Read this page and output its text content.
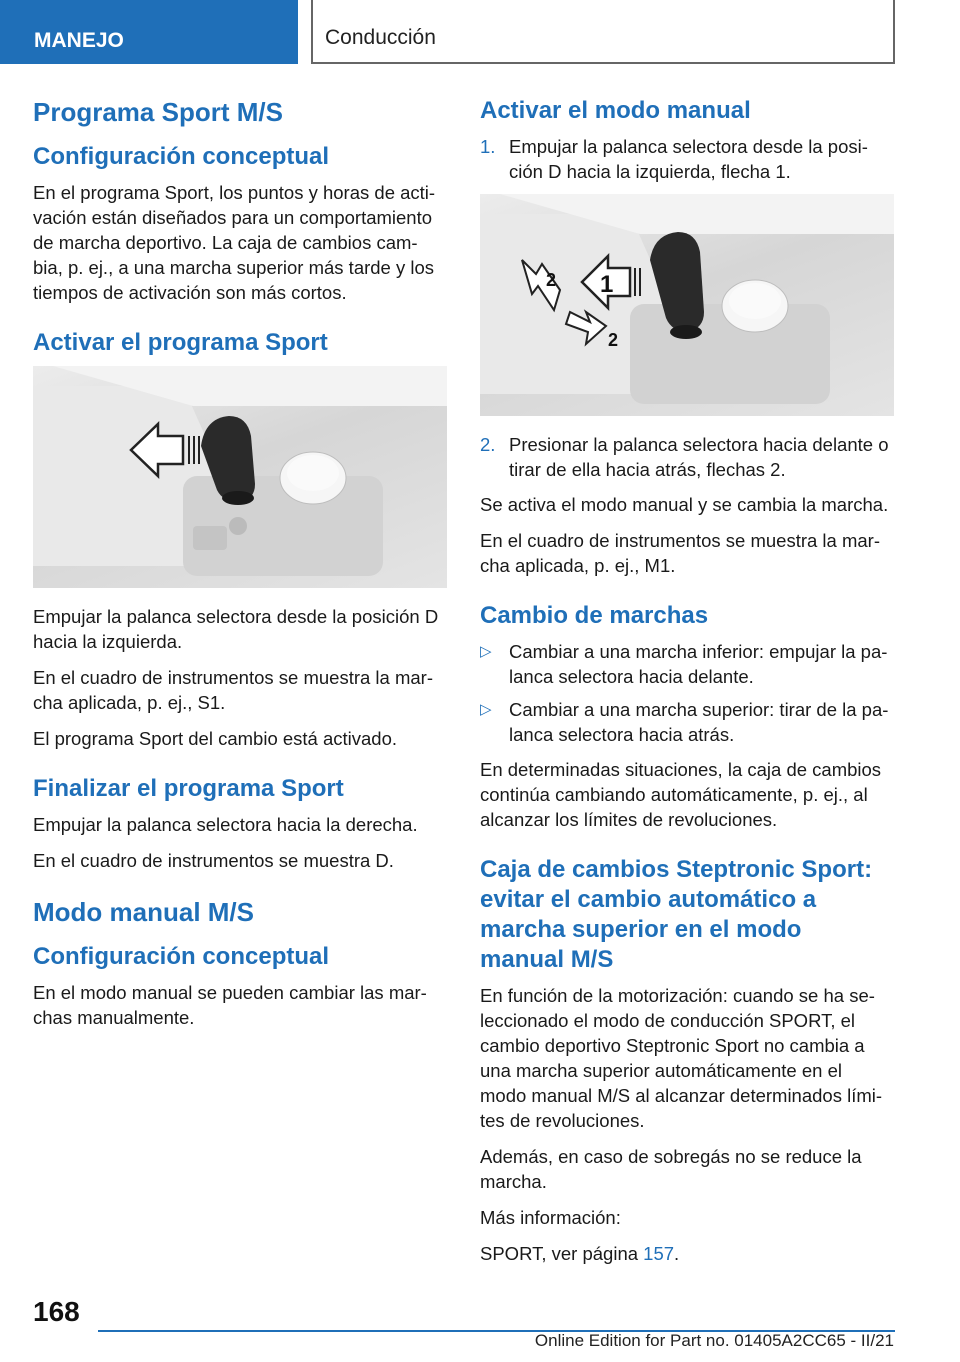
MANEJO	Conducción
Programa Sport M/S
Configuración conceptual

En el programa Sport, los puntos y horas de acti-vación están diseñados para un comportamiento de marcha deportivo. La caja de cambios cam-bia, p. ej., a una marcha superior más tarde y los tiempos de activación son más cortos.

Activar el programa Sport

Empujar la palanca selectora desde la posición D hacia la izquierda.

En el cuadro de instrumentos se muestra la mar-cha aplicada, p. ej., S1.

El programa Sport del cambio está activado.

Finalizar el programa Sport

Empujar la palanca selectora hacia la derecha.

En el cuadro de instrumentos se muestra D.

Modo manual M/S
Configuración conceptual

En el modo manual se pueden cambiar las mar-chas manualmente.

Activar el modo manual
1. Empujar la palanca selectora desde la posi-ción D hacia la izquierda, flecha 1.
1
2
2
2. Presionar la palanca selectora hacia delante o tirar de ella hacia atrás, flechas 2.

Se activa el modo manual y se cambia la marcha.

En el cuadro de instrumentos se muestra la mar-cha aplicada, p. ej., M1.

Cambio de marchas
▷ Cambiar a una marcha inferior: empujar la pa-lanca selectora hacia delante.
▷ Cambiar a una marcha superior: tirar de la pa-lanca selectora hacia atrás.

En determinadas situaciones, la caja de cambios continúa cambiando automáticamente, p. ej., al alcanzar los límites de revoluciones.

Caja de cambios Steptronic Sport: evitar el cambio automático a marcha superior en el modo manual M/S

En función de la motorización: cuando se ha se-leccionado el modo de conducción SPORT, el cambio deportivo Steptronic Sport no cambia a una marcha superior automáticamente en el modo manual M/S al alcanzar determinados lími-tes de revoluciones.

Además, en caso de sobregás no se reduce la marcha.

Más información:

SPORT, ver página 157.

168
Online Edition for Part no. 01405A2CC65 - II/21
